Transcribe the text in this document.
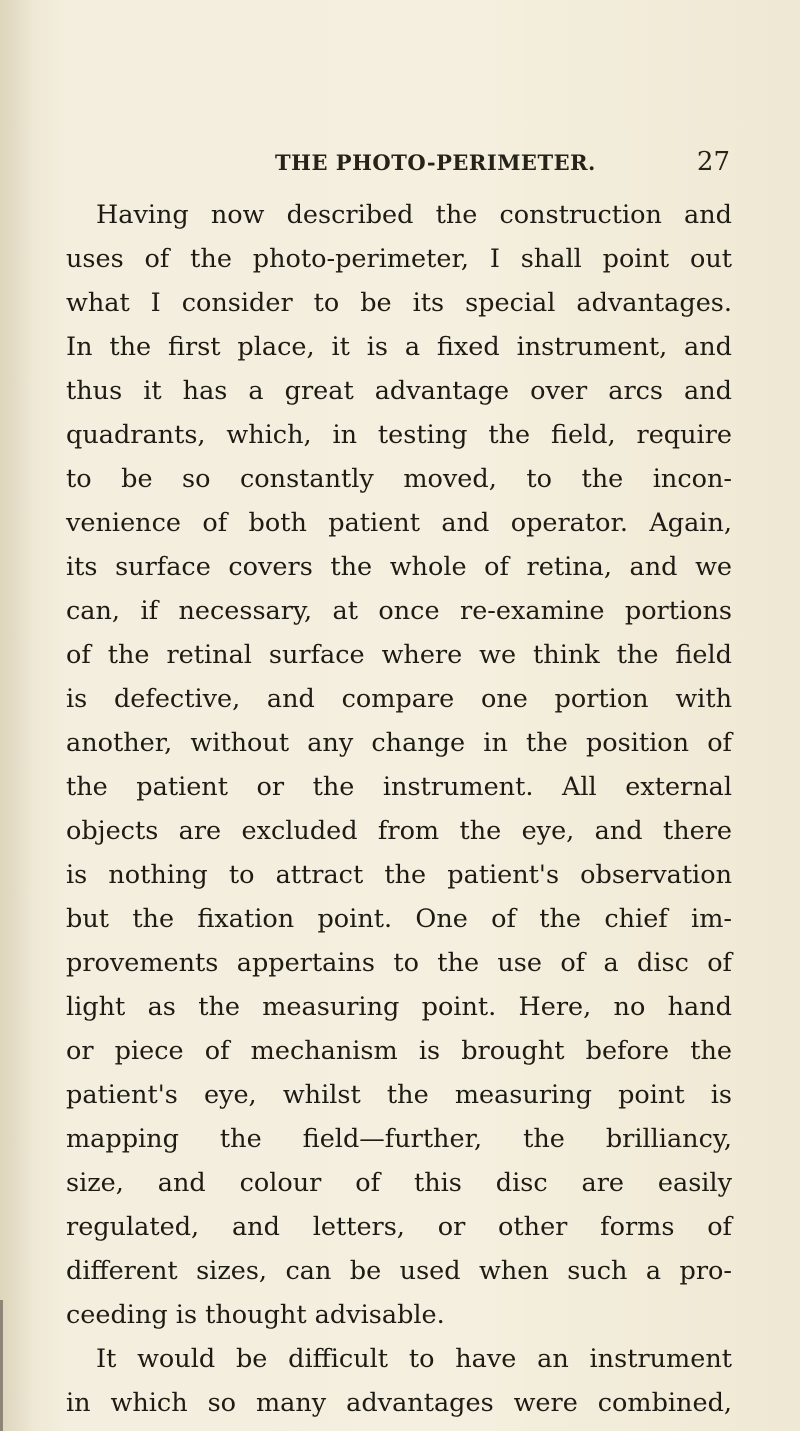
THE PHOTO-PERIMETER.	27
Having now described the construction and
uses of the photo-perimeter, I shall point out
what I consider to be its special advantages.
In the first place, it is a fixed instrument, and
thus it has a great advantage over arcs and
quadrants, which, in testing the field, require
to be so constantly moved, to the incon-
venience of both patient and operator. Again,
its surface covers the whole of retina, and we
can, if necessary, at once re-examine portions
of the retinal surface where we think the field
is defective, and compare one portion with
another, without any change in the position of
the patient or the instrument. All external
objects are excluded from the eye, and there
is nothing to attract the patient's observation
but the fixation point. One of the chief im-
provements appertains to the use of a disc of
light as the measuring point. Here, no hand
or piece of mechanism is brought before the
patient's eye, whilst the measuring point is
mapping the field—further, the brilliancy,
size, and colour of this disc are easily
regulated, and letters, or other forms of
different sizes, can be used when such a pro-
ceeding is thought advisable.
It would be difficult to have an instrument
in which so many advantages were combined,
